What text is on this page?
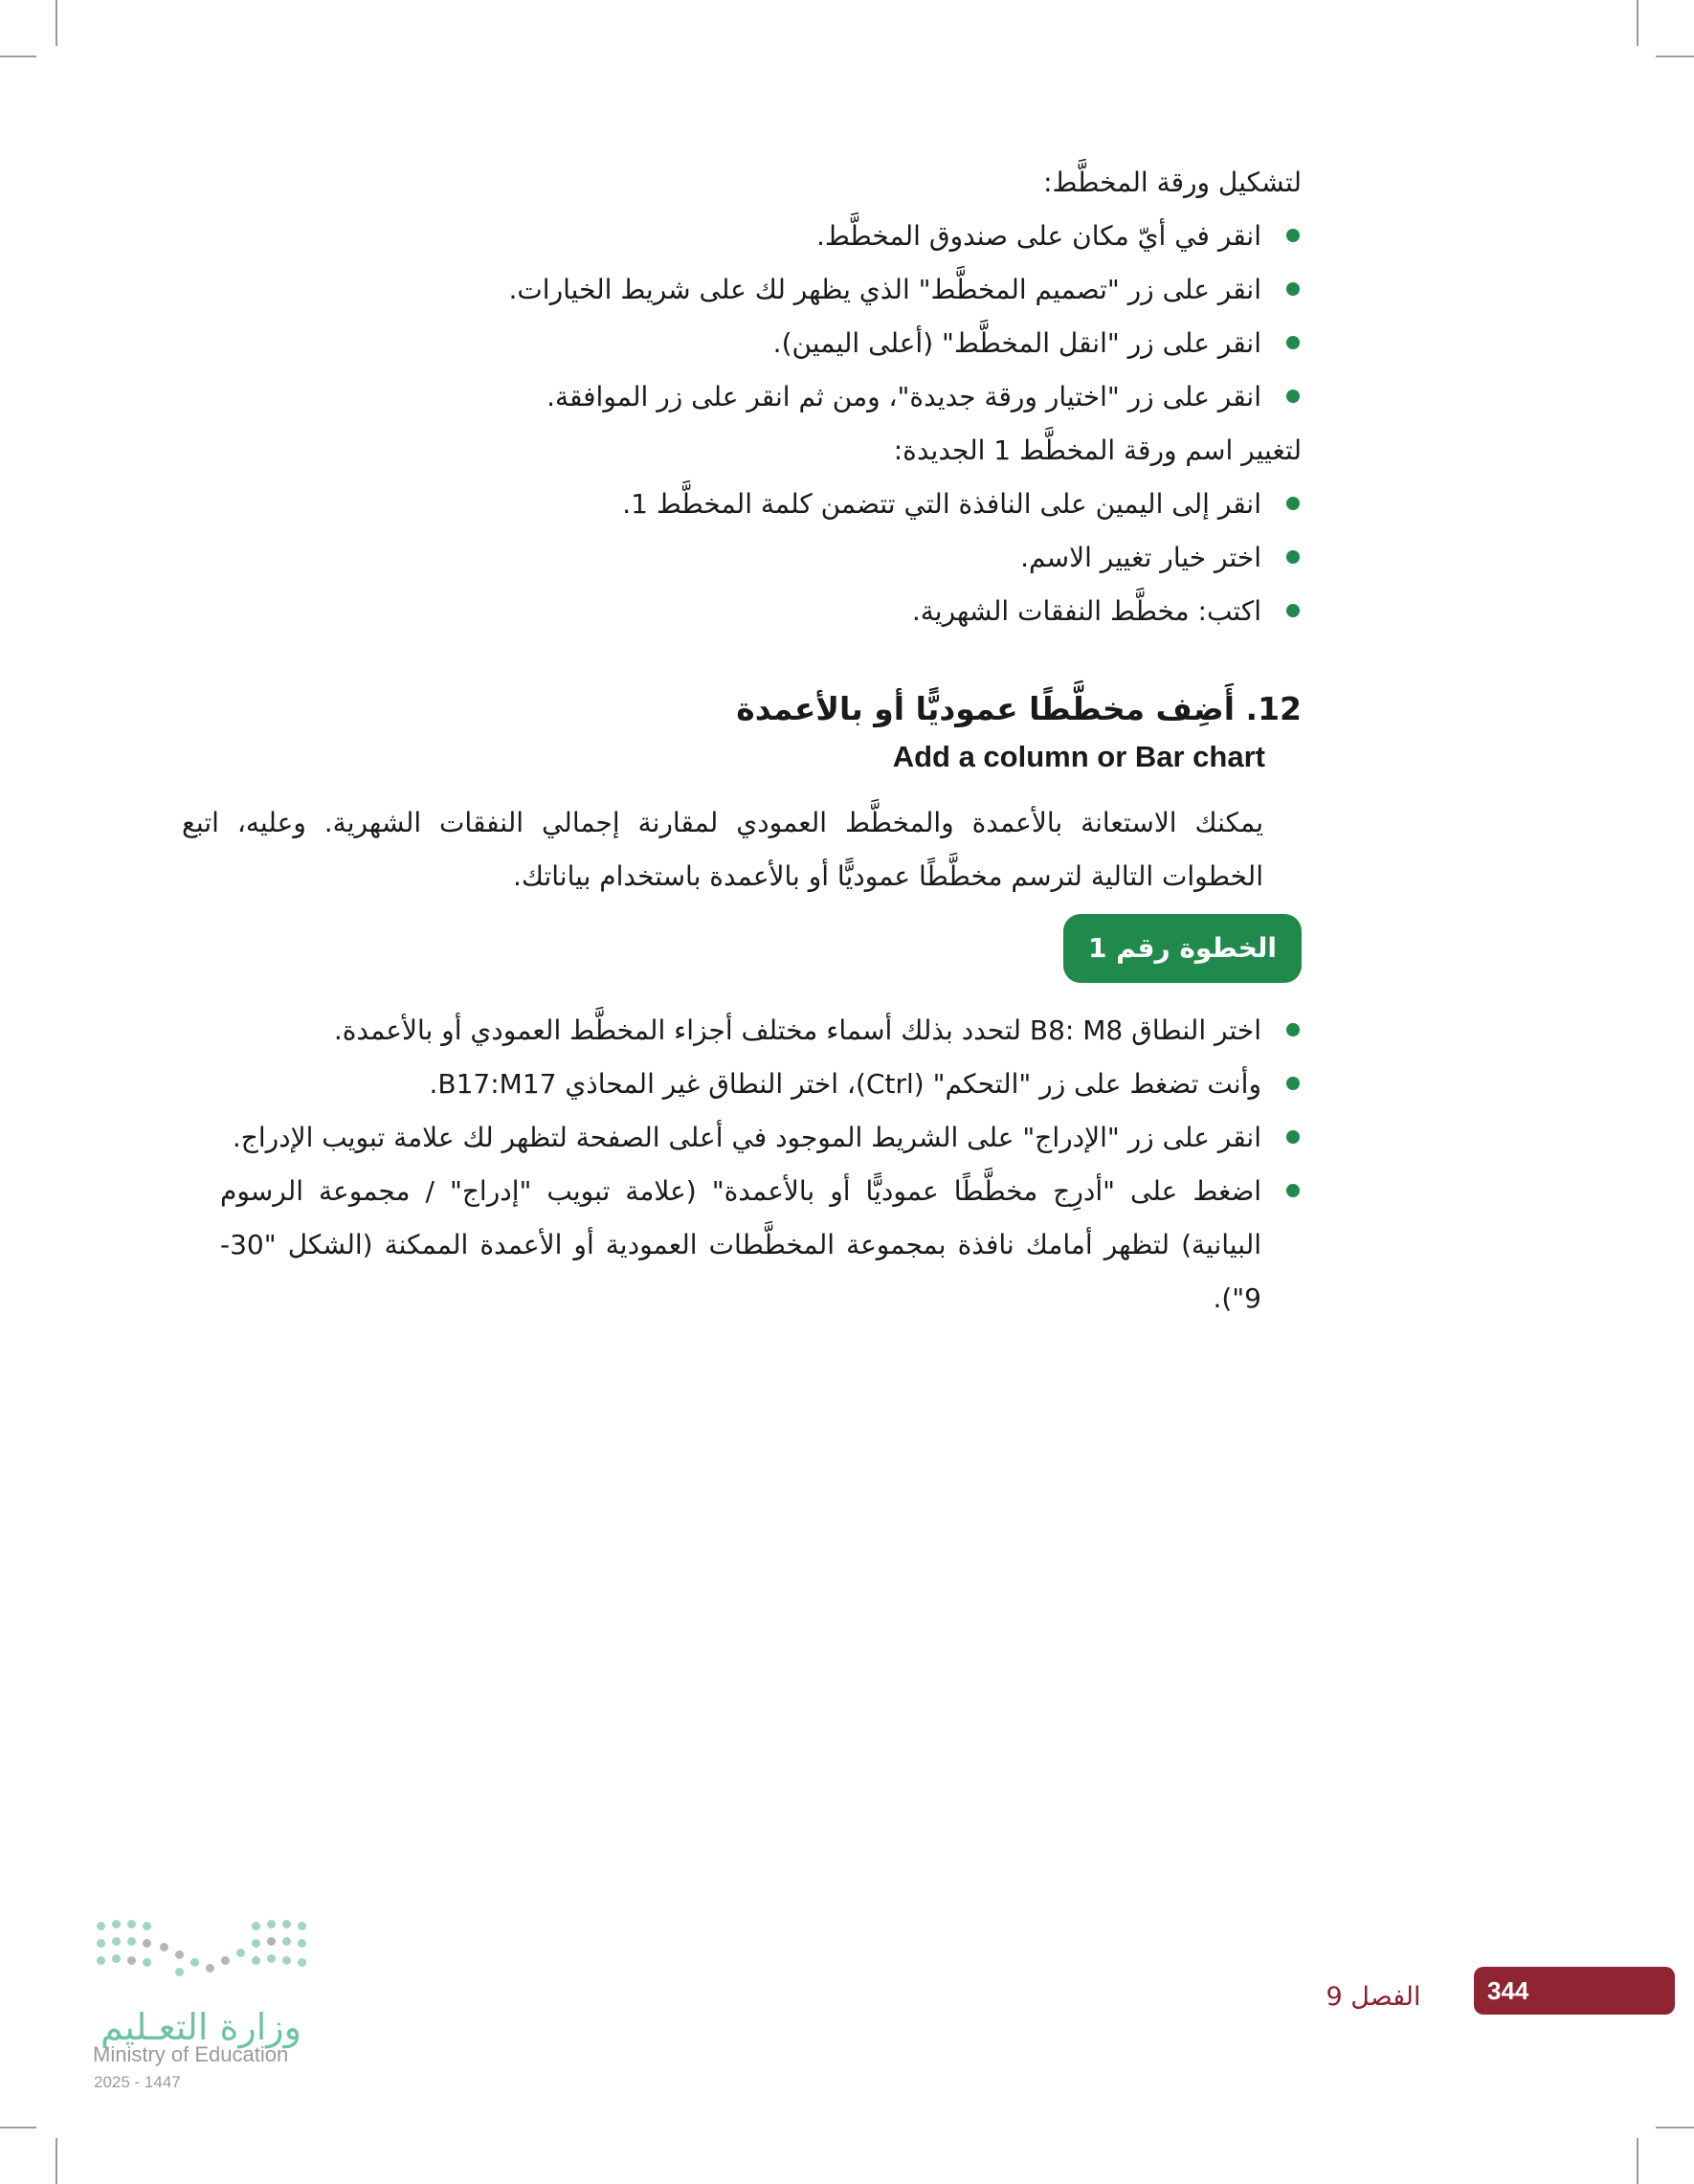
لتشكيل ورقة المخطَّط:
انقر في أيّ مكان على صندوق المخطَّط.
انقر على زر "تصميم المخطَّط" الذي يظهر لك على شريط الخيارات.
انقر على زر "انقل المخطَّط" (أعلى اليمين).
انقر على زر "اختيار ورقة جديدة"، ومن ثم انقر على زر الموافقة.
لتغيير اسم ورقة المخطَّط 1 الجديدة:
انقر إلى اليمين على النافذة التي تتضمن كلمة المخطَّط 1.
اختر خيار تغيير الاسم.
اكتب: مخطَّط النفقات الشهرية.
12. أَضِف مخطَّطًا عموديًّا أو بالأعمدة
Add a column or Bar chart
يمكنك الاستعانة بالأعمدة والمخطَّط العمودي لمقارنة إجمالي النفقات الشهرية. وعليه، اتبع الخطوات التالية لترسم مخطَّطًا عموديًّا أو بالأعمدة باستخدام بياناتك.
الخطوة رقم 1
اختر النطاق B8: M8 لتحدد بذلك أسماء مختلف أجزاء المخطَّط العمودي أو بالأعمدة.
وأنت تضغط على زر "التحكم" (Ctrl)، اختر النطاق غير المحاذي B17:M17.
انقر على زر "الإدراج" على الشريط الموجود في أعلى الصفحة لتظهر لك علامة تبويب الإدراج.
اضغط على "أدرِج مخطَّطًا عموديًّا أو بالأعمدة" (علامة تبويب "إدراج" / مجموعة الرسوم البيانية) لتظهر أمامك نافذة بمجموعة المخطَّطات العمودية أو الأعمدة الممكنة (الشكل "30-9").
وزارة التعـليم
Ministry of Education
2025 - 1447
الفصل 9	344
